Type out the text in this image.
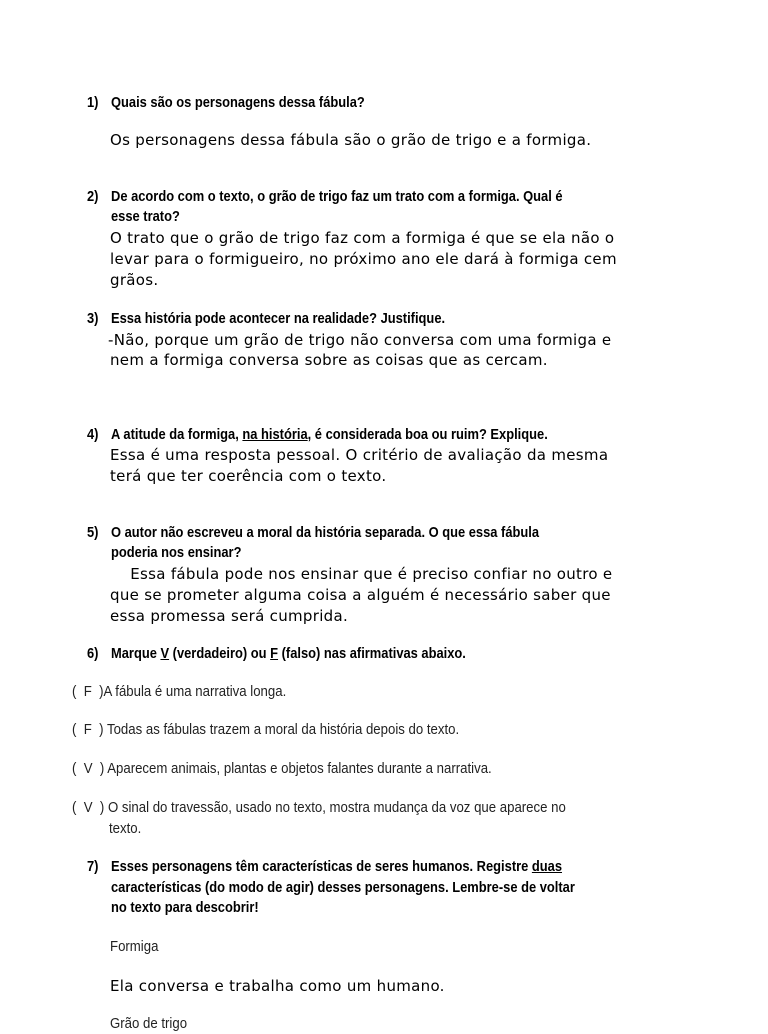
1) Quais são os personagens dessa fábula?
Os personagens dessa fábula são o grão de trigo e a formiga.
2) De acordo com o texto, o grão de trigo faz um trato com a formiga. Qual é
esse trato?
O trato que o grão de trigo faz com a formiga é que se ela não o
levar para o formigueiro, no próximo ano ele dará à formiga cem
grãos.
3) Essa história pode acontecer na realidade? Justifique.
-Não, porque um grão de trigo não conversa com uma formiga e
nem a formiga conversa sobre as coisas que as cercam.
4) A atitude da formiga, na história, é considerada boa ou ruim? Explique.
Essa é uma resposta pessoal. O critério de avaliação da mesma
terá que ter coerência com o texto.
5) O autor não escreveu a moral da história separada. O que essa fábula
poderia nos ensinar?
Essa fábula pode nos ensinar que é preciso confiar no outro e
que se prometer alguma coisa a alguém é necessário saber que
essa promessa será cumprida.
6) Marque V (verdadeiro) ou F (falso) nas afirmativas abaixo.
(  F  )A fábula é uma narrativa longa.
(  F  ) Todas as fábulas trazem a moral da história depois do texto.
(  V  ) Aparecem animais, plantas e objetos falantes durante a narrativa.
(  V  ) O sinal do travessão, usado no texto, mostra mudança da voz que aparece no
texto.
7) Esses personagens têm características de seres humanos. Registre duas
características (do modo de agir) desses personagens. Lembre-se de voltar
no texto para descobrir!
Formiga
Ela conversa e trabalha como um humano.
Grão de trigo
